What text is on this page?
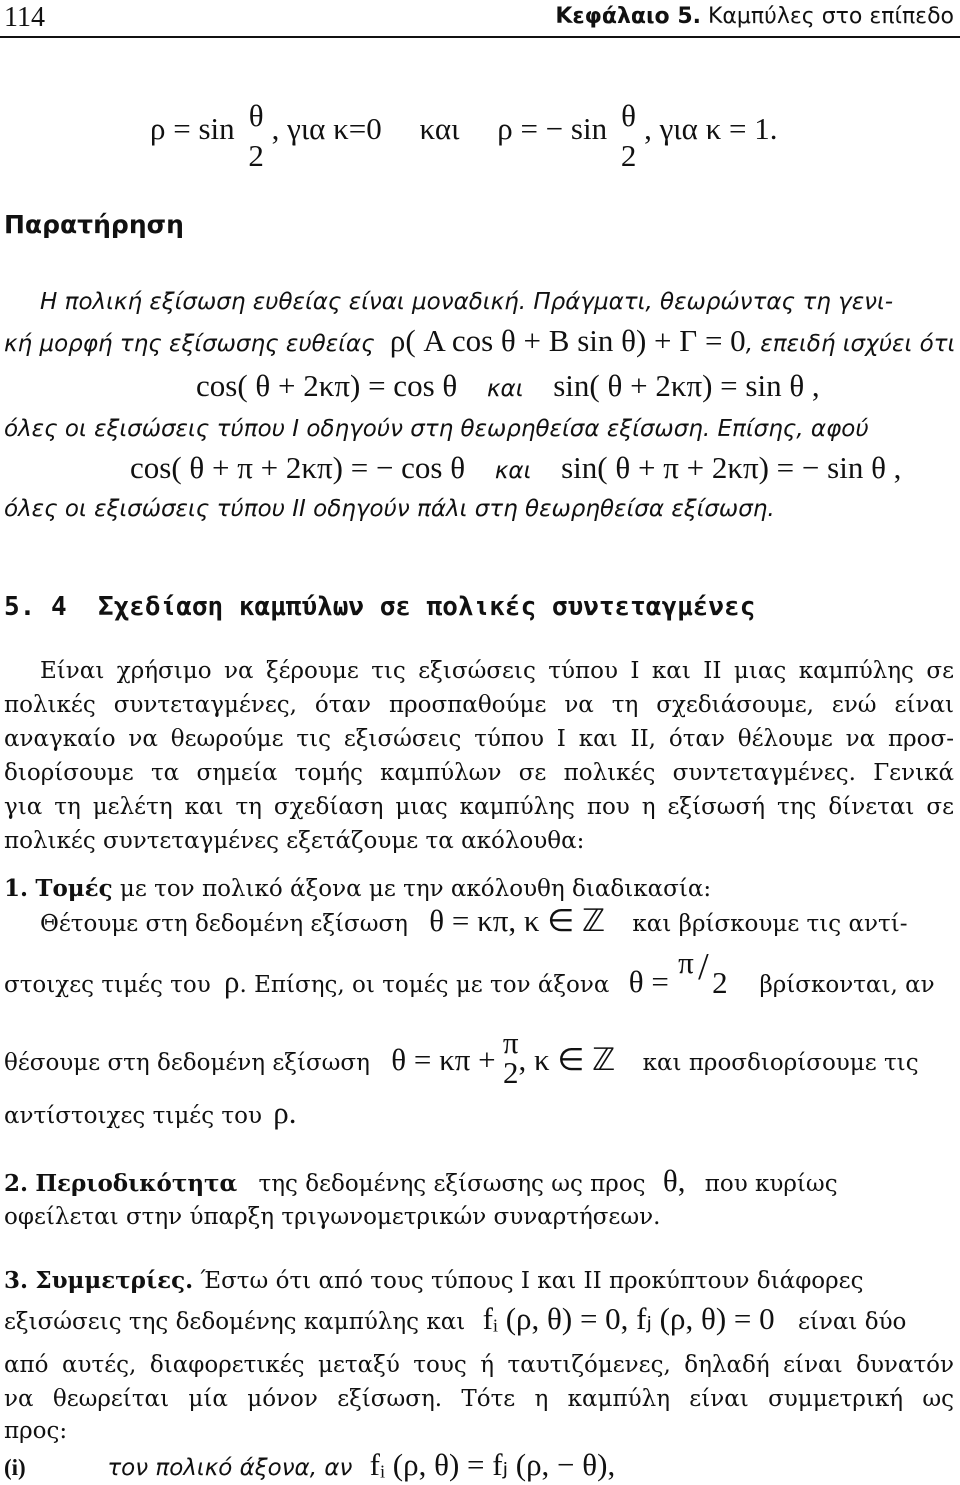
114	Κεφάλαιο 5. Καμπύλες στο επίπεδο
ρ = sin θ
2
, για κ=0 και ρ = − sin θ
2
, για κ = 1.
Παρατήρηση
Η πολική εξίσωση ευθείας είναι μοναδική. Πράγματι, θεωρώντας τη γενι-
κή μορφή της εξίσωσης ευθείας ρ( A cos θ + B sin θ) + Γ = 0, επειδή ισχύει ότι
cos( θ + 2κπ) = cos θ και sin( θ + 2κπ) = sin θ ,
όλες οι εξισώσεις τύπου I οδηγούν στη θεωρηθείσα εξίσωση. Επίσης, αφού
cos( θ + π + 2κπ) = − cos θ και sin( θ + π + 2κπ) = − sin θ ,
όλες οι εξισώσεις τύπου II οδηγούν πάλι στη θεωρηθείσα εξίσωση.
5. 4 Σχεδίαση καμπύλων σε πολικές συντεταγμένες
Είναι χρήσιμο να ξέρουμε τις εξισώσεις τύπου I και II μιας καμπύλης σε
πολικές συντεταγμένες, όταν προσπαθούμε να τη σχεδιάσουμε, ενώ είναι
αναγκαίο να θεωρούμε τις εξισώσεις τύπου I και II, όταν θέλουμε να προσ-
διορίσουμε τα σημεία τομής καμπύλων σε πολικές συντεταγμένες. Γενικά
για τη μελέτη και τη σχεδίαση μιας καμπύλης που η εξίσωσή της δίνεται σε
πολικές συντεταγμένες εξετάζουμε τα ακόλουθα:
1. Τομές με τον πολικό άξονα με την ακόλουθη διαδικασία:
Θέτουμε στη δεδομένη εξίσωση θ = κπ, κ ∈ ℤ και βρίσκουμε τις αντί-
στοιχες τιμές του ρ. Επίσης, οι τομές με τον άξονα θ =
π / 2 βρίσκονται, αν
θέσουμε στη δεδομένη εξίσωση θ = κπ + π
2 , κ ∈ ℤ και προσδιορίσουμε τις
αντίστοιχες τιμές του ρ.
2. Περιοδικότητα της δεδομένης εξίσωσης ως προς θ, που κυρίως
οφείλεται στην ύπαρξη τριγωνομετρικών συναρτήσεων.
3. Συμμετρίες. Έστω ότι από τους τύπους I και II προκύπτουν διάφορες
εξισώσεις της δεδομένης καμπύλης και fᵢ (ρ, θ) = 0, fⱼ (ρ, θ) = 0 είναι δύο
από αυτές, διαφορετικές μεταξύ τους ή ταυτιζόμενες, δηλαδή είναι δυνατόν
να θεωρείται μία μόνον εξίσωση. Τότε η καμπύλη είναι συμμετρική ως
προς:
(i)	τον πολικό άξονα, αν fᵢ (ρ, θ) = fⱼ (ρ, − θ),
